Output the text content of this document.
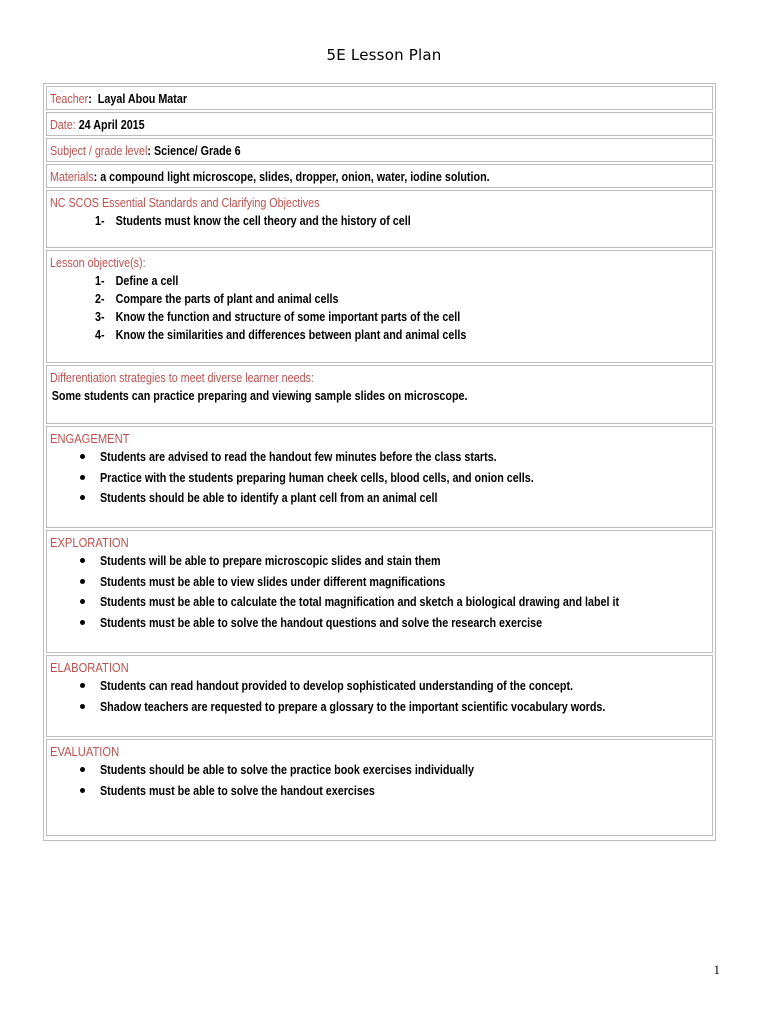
5E Lesson Plan
Teacher:  Layal Abou Matar
Date: 24 April 2015
Subject / grade level: Science/ Grade 6
Materials: a compound light microscope, slides, dropper, onion, water, iodine solution.
NC SCOS Essential Standards and Clarifying Objectives
1- Students must know the cell theory and the history of cell
Lesson objective(s):
1- Define a cell
2- Compare the parts of plant and animal cells
3- Know the function and structure of some important parts of the cell
4- Know the similarities and differences between plant and animal cells
Differentiation strategies to meet diverse learner needs:
Some students can practice preparing and viewing sample slides on microscope.
ENGAGEMENT
Students are advised to read the handout few minutes before the class starts.
Practice with the students preparing human cheek cells, blood cells, and onion cells.
Students should be able to identify a plant cell from an animal cell
EXPLORATION
Students will be able to prepare microscopic slides and stain them
Students must be able to view slides under different magnifications
Students must be able to calculate the total magnification and sketch a biological drawing and label it
Students must be able to solve the handout questions and solve the research exercise
ELABORATION
Students can read handout provided to develop sophisticated understanding of the concept.
Shadow teachers are requested to prepare a glossary to the important scientific vocabulary words.
EVALUATION
Students should be able to solve the practice book exercises individually
Students must be able to solve the handout exercises
1
